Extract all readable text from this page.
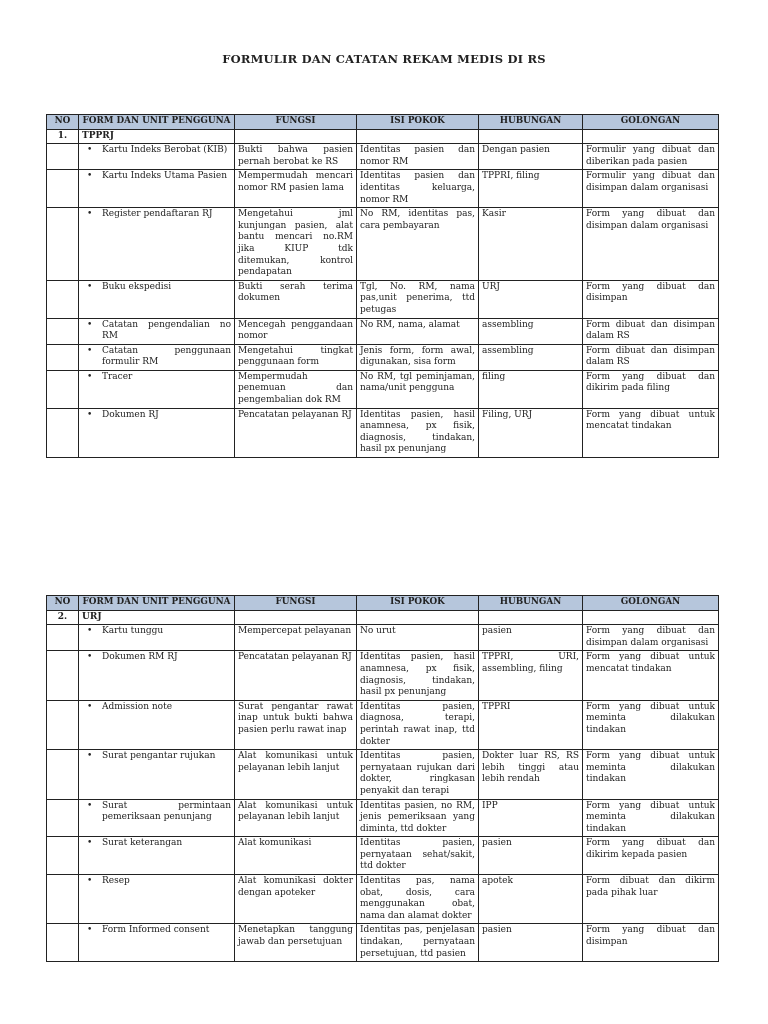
FORMULIR DAN CATATAN REKAM MEDIS DI RS
NO	FORM DAN UNIT PENGGUNA	FUNGSI	ISI POKOK	HUBUNGAN	GOLONGAN
1.	TPPRJ				

	• Kartu Indeks Berobat (KIB)	Bukti bahwa pasien pernah berobat ke RS	Identitas pasien dan nomor RM	Dengan pasien	Formulir yang dibuat dan diberikan pada pasien

	• Kartu Indeks Utama Pasien	Mempermudah mencari nomor RM pasien lama	Identitas pasien dan identitas keluarga, nomor RM	TPPRI, filing	Formulir yang dibuat dan disimpan dalam organisasi

	• Register pendaftaran RJ	Mengetahui jml kunjungan pasien, alat bantu mencari no.RM jika KIUP tdk ditemukan, kontrol pendapatan	No RM, identitas pas, cara pembayaran	Kasir	Form yang dibuat dan disimpan dalam organisasi

	• Buku ekspedisi	Bukti serah terima dokumen	Tgl, No. RM, nama pas,unit penerima, ttd petugas	URJ	Form yang dibuat dan disimpan

	• Catatan pengendalian no RM	Mencegah penggandaan nomor	No RM, nama, alamat	assembling	Form dibuat dan disimpan dalam RS

	• Catatan penggunaan formulir RM	Mengetahui tingkat penggunaan form	Jenis form, form awal, digunakan, sisa form	assembling	Form dibuat dan disimpan dalam RS

	• Tracer	Mempermudah penemuan dan pengembalian dok RM	No RM, tgl peminjaman, nama/unit pengguna	filing	Form yang dibuat dan dikirim pada filing

	• Dokumen RJ	Pencatatan pelayanan RJ	Identitas pasien, hasil anamnesa, px fisik, diagnosis, tindakan, hasil px penunjang	Filing, URJ	Form yang dibuat untuk mencatat tindakan
NO	FORM DAN UNIT PENGGUNA	FUNGSI	ISI POKOK	HUBUNGAN	GOLONGAN
2.	URJ				

	• Kartu tunggu	Mempercepat pelayanan	No urut	pasien	Form yang dibuat dan disimpan dalam organisasi

	• Dokumen RM RJ	Pencatatan pelayanan RJ	Identitas pasien, hasil anamnesa, px fisik, diagnosis, tindakan, hasil px penunjang	TPPRI, URI, assembling, filing	Form yang dibuat untuk mencatat tindakan

	• Admission note	Surat pengantar rawat inap untuk bukti bahwa pasien perlu rawat inap	Identitas pasien, diagnosa, terapi, perintah rawat inap, ttd dokter	TPPRI	Form yang dibuat untuk meminta dilakukan tindakan

	• Surat pengantar rujukan	Alat komunikasi untuk pelayanan lebih lanjut	Identitas pasien, pernyataan rujukan dari dokter, ringkasan penyakit dan terapi	Dokter luar RS, RS lebih tinggi atau lebih rendah	Form yang dibuat untuk meminta dilakukan tindakan

	• Surat permintaan pemeriksaan penunjang	Alat komunikasi untuk pelayanan lebih lanjut	Identitas pasien, no RM, jenis pemeriksaan yang diminta, ttd dokter	IPP	Form yang dibuat untuk meminta dilakukan tindakan

	• Surat keterangan	Alat komunikasi	Identitas pasien, pernyataan sehat/sakit, ttd dokter	pasien	Form yang dibuat dan dikirim kepada pasien

	• Resep	Alat komunikasi dokter dengan apoteker	Identitas pas, nama obat, dosis, cara menggunakan obat, nama dan alamat dokter	apotek	Form dibuat dan dikirm pada pihak luar

	• Form Informed consent	Menetapkan tanggung jawab dan persetujuan	Identitas pas, penjelasan tindakan, pernyataan persetujuan, ttd pasien	pasien	Form yang dibuat dan disimpan
